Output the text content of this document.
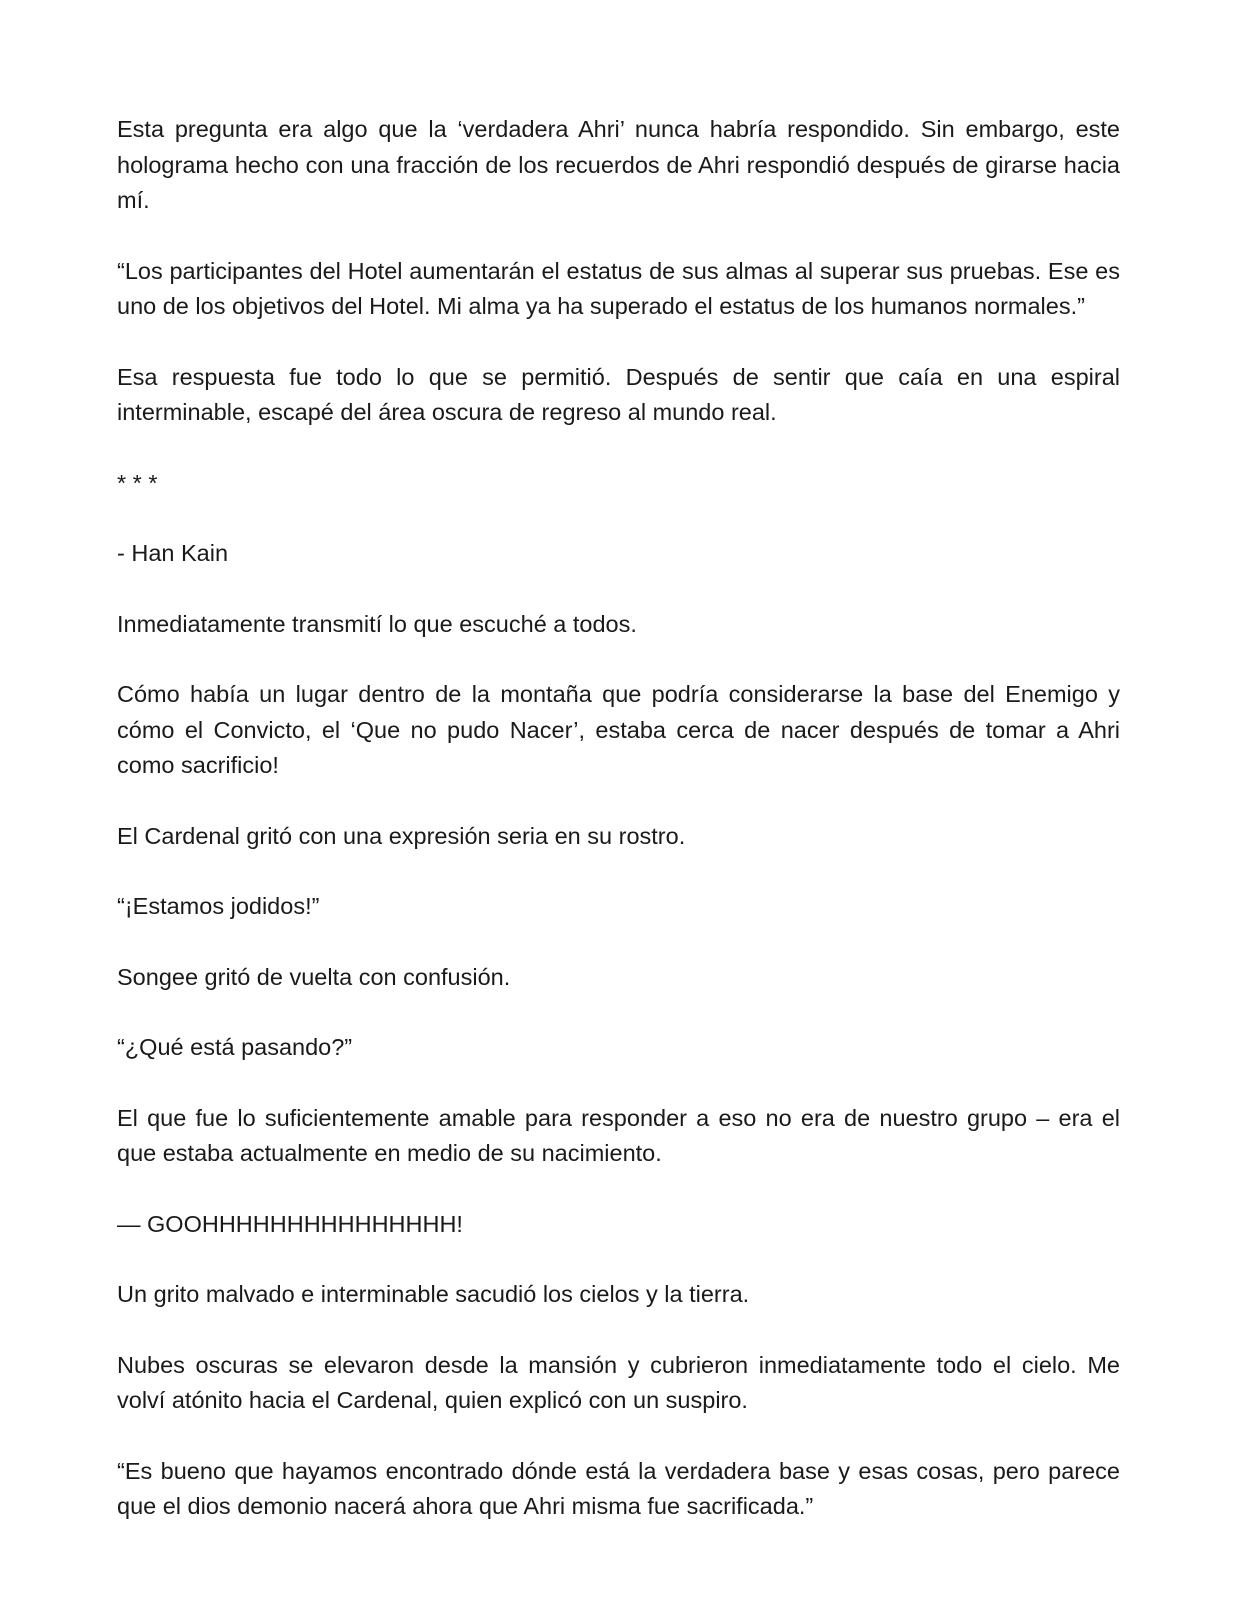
Esta pregunta era algo que la ‘verdadera Ahri’ nunca habría respondido. Sin embargo, este holograma hecho con una fracción de los recuerdos de Ahri respondió después de girarse hacia mí.

“Los participantes del Hotel aumentarán el estatus de sus almas al superar sus pruebas. Ese es uno de los objetivos del Hotel. Mi alma ya ha superado el estatus de los humanos normales.”

Esa respuesta fue todo lo que se permitió. Después de sentir que caía en una espiral interminable, escapé del área oscura de regreso al mundo real.

* * *

- Han Kain

Inmediatamente transmití lo que escuché a todos.

Cómo había un lugar dentro de la montaña que podría considerarse la base del Enemigo y cómo el Convicto, el ‘Que no pudo Nacer’, estaba cerca de nacer después de tomar a Ahri como sacrificio!

El Cardenal gritó con una expresión seria en su rostro.

“¡Estamos jodidos!”

Songee gritó de vuelta con confusión.

“¿Qué está pasando?”

El que fue lo suficientemente amable para responder a eso no era de nuestro grupo – era el que estaba actualmente en medio de su nacimiento.

— GOOHHHHHHHHHHHHHHH!

Un grito malvado e interminable sacudió los cielos y la tierra.

Nubes oscuras se elevaron desde la mansión y cubrieron inmediatamente todo el cielo. Me volví atónito hacia el Cardenal, quien explicó con un suspiro.

“Es bueno que hayamos encontrado dónde está la verdadera base y esas cosas, pero parece que el dios demonio nacerá ahora que Ahri misma fue sacrificada.”
